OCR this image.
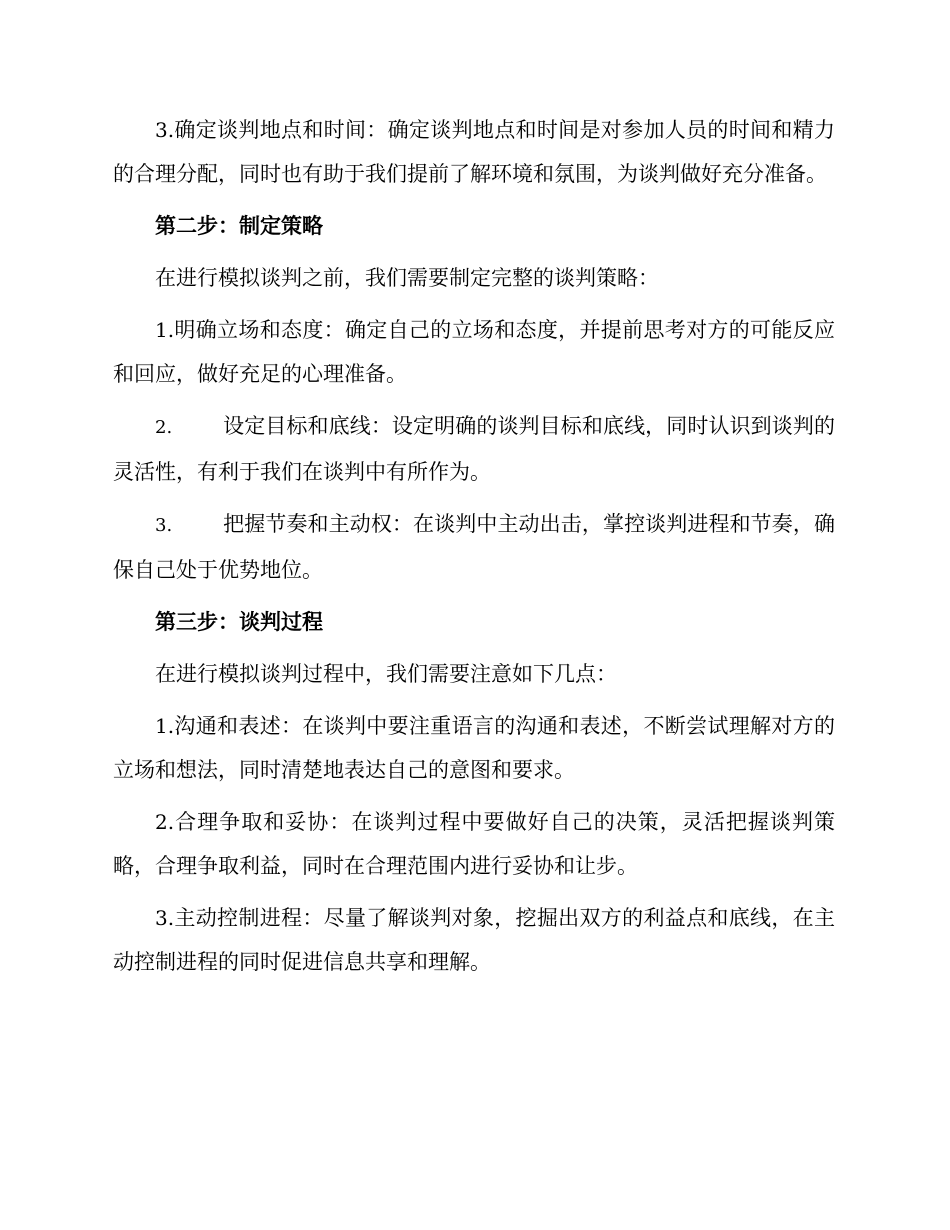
3.确定谈判地点和时间：确定谈判地点和时间是对参加人员的时间和精力的合理分配，同时也有助于我们提前了解环境和氛围，为谈判做好充分准备。

第二步：制定策略

在进行模拟谈判之前，我们需要制定完整的谈判策略：

1.明确立场和态度：确定自己的立场和态度，并提前思考对方的可能反应和回应，做好充足的心理准备。

2. 设定目标和底线：设定明确的谈判目标和底线，同时认识到谈判的灵活性，有利于我们在谈判中有所作为。

3. 把握节奏和主动权：在谈判中主动出击，掌控谈判进程和节奏，确保自己处于优势地位。

第三步：谈判过程

在进行模拟谈判过程中，我们需要注意如下几点：

1.沟通和表述：在谈判中要注重语言的沟通和表述，不断尝试理解对方的立场和想法，同时清楚地表达自己的意图和要求。

2.合理争取和妥协：在谈判过程中要做好自己的决策，灵活把握谈判策略，合理争取利益，同时在合理范围内进行妥协和让步。

3.主动控制进程：尽量了解谈判对象，挖掘出双方的利益点和底线，在主动控制进程的同时促进信息共享和理解。
